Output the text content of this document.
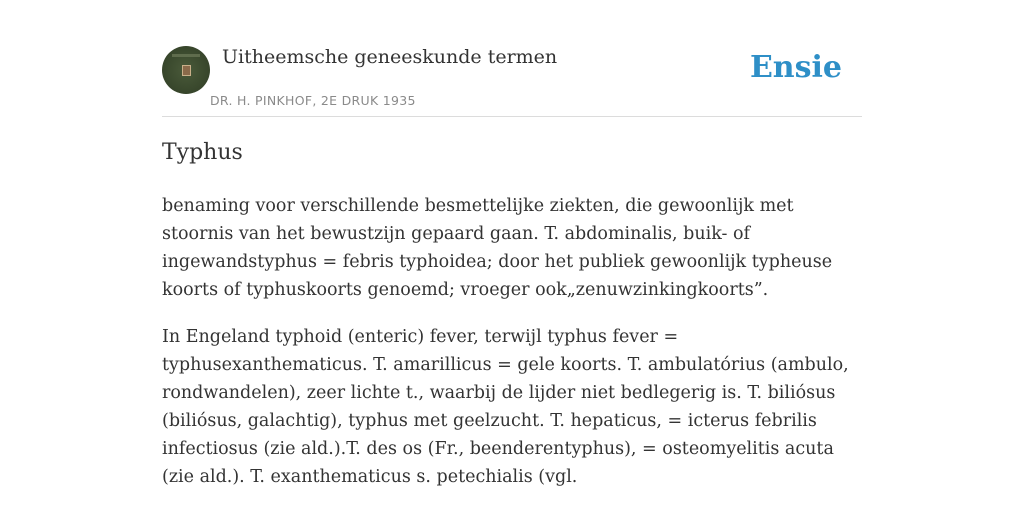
Uitheemsche geneeskunde termen
DR. H. PINKHOF, 2E DRUK 1935
Ensie
Typhus

benaming voor verschillende besmettelijke ziekten, die gewoonlijk met stoornis van het bewustzijn gepaard gaan. T. abdominalis, buik- of ingewandstyphus = febris typhoidea; door het publiek gewoonlijk typheuse koorts of typhuskoorts genoemd; vroeger ook„zenuwzinkingkoorts”.

In Engeland typhoid (enteric) fever, terwijl typhus fever = typhusexanthematicus. T. amarillicus = gele koorts. T. ambulatórius (ambulo, rondwandelen), zeer lichte t., waarbij de lijder niet bedlegerig is. T. biliósus (biliósus, galachtig), typhus met geelzucht. T. hepaticus, = icterus febrilis infectiosus (zie ald.).T. des os (Fr., beenderentyphus), = osteomyelitis acuta (zie ald.). T. exanthematicus s. petechialis (vgl.
